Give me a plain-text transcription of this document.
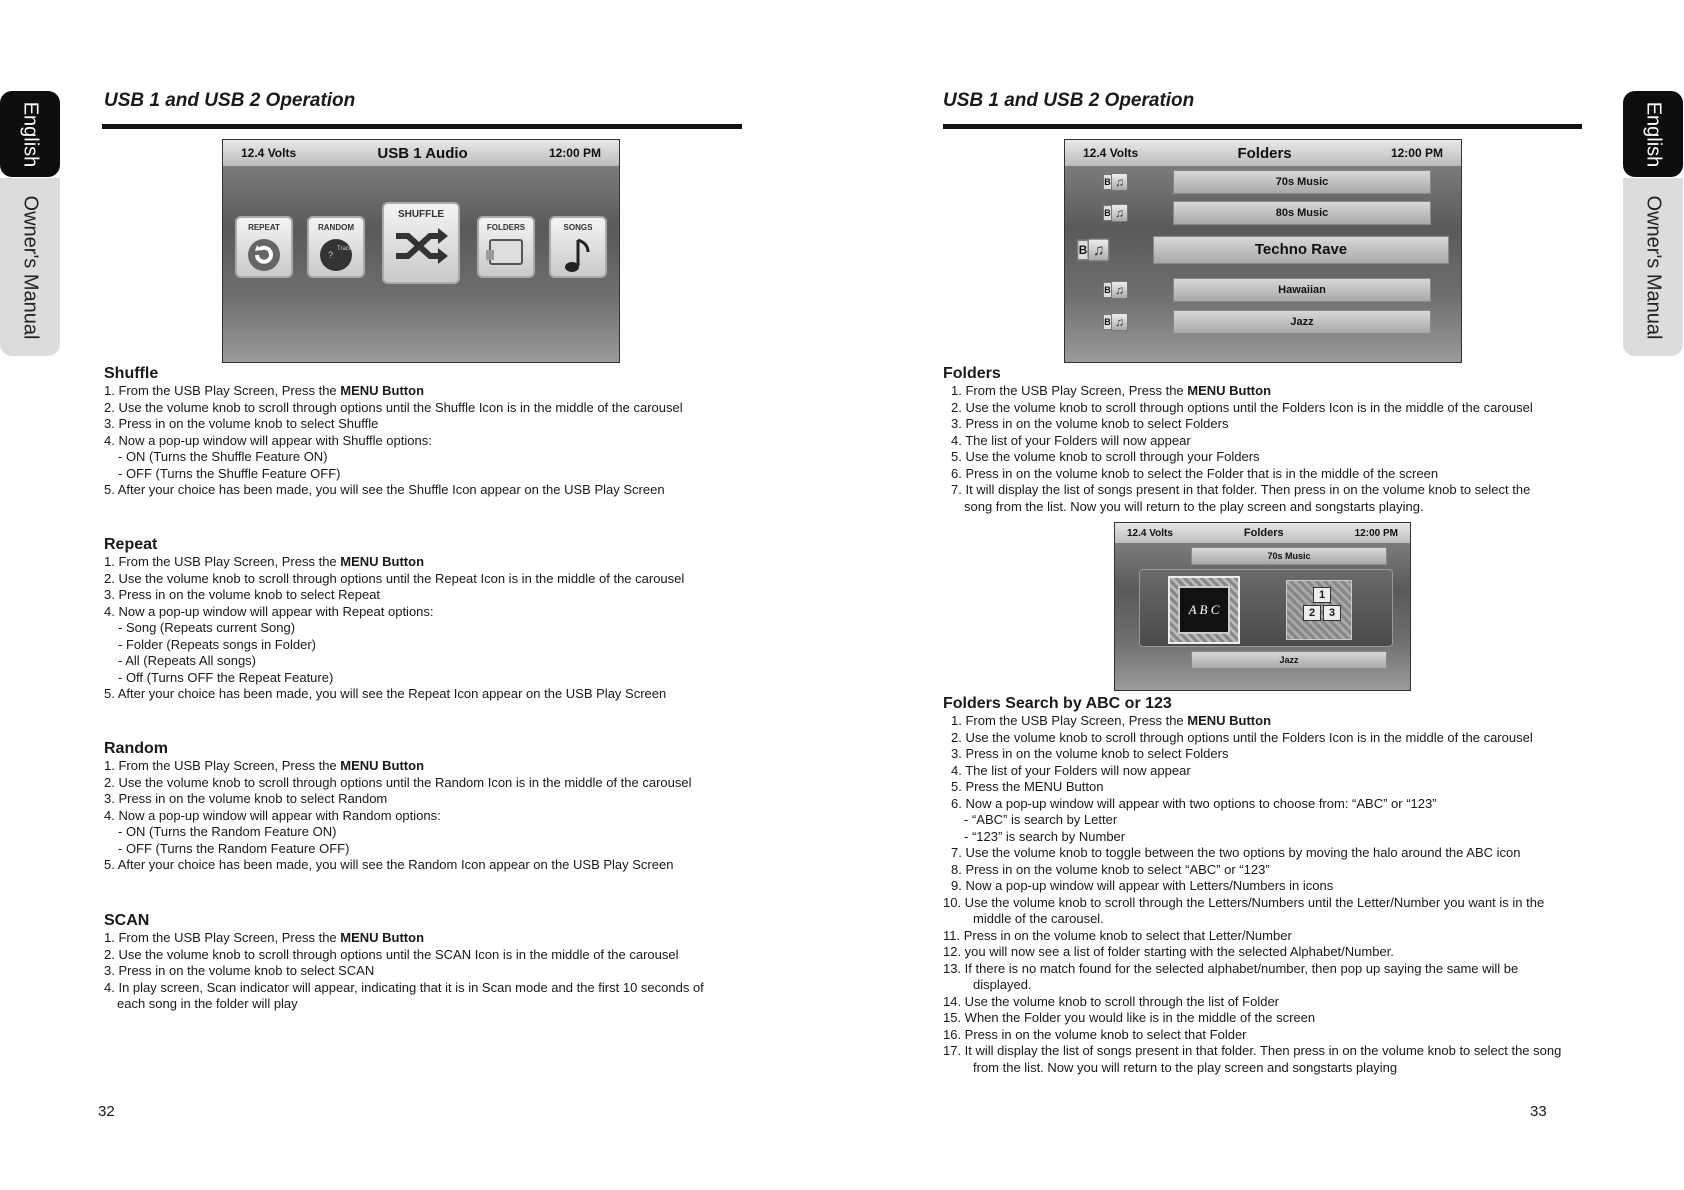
English
Owner's Manual
English
Owner's Manual
USB 1 and USB 2 Operation
12.4 Volts	USB 1 Audio	12:00 PM
REPEAT	RANDOM
?
Track
SHUFFLE
FOLDERS	SONGS
Shuffle
1. From the USB Play Screen, Press the MENU Button
2. Use the volume knob to scroll through options until the Shuffle Icon is in the middle of the carousel
3. Press in on the volume knob to select Shuffle
4. Now a pop-up window will appear with Shuffle options:
- ON (Turns the Shuffle Feature ON)
- OFF (Turns the Shuffle Feature OFF)
5. After your choice has been made, you will see the Shuffle Icon appear on the USB Play Screen
Repeat
1. From the USB Play Screen, Press the MENU Button
2. Use the volume knob to scroll through options until the Repeat Icon is in the middle of the carousel
3. Press in on the volume knob to select Repeat
4. Now a pop-up window will appear with Repeat options:
- Song (Repeats current Song)
- Folder (Repeats songs in Folder)
- All (Repeats All songs)
- Off (Turns OFF the Repeat Feature)
5. After your choice has been made, you will see the Repeat Icon appear on the USB Play Screen
Random
1. From the USB Play Screen, Press the MENU Button
2. Use the volume knob to scroll through options until the Random Icon is in the middle of the carousel
3. Press in on the volume knob to select Random
4. Now a pop-up window will appear with Random options:
- ON (Turns the Random Feature ON)
- OFF (Turns the Random Feature OFF)
5. After your choice has been made, you will see the Random Icon appear on the USB Play Screen
SCAN
1. From the USB Play Screen, Press the MENU Button
2. Use the volume knob to scroll through options until the SCAN Icon is in the middle of the carousel
3. Press in on the volume knob to select SCAN
4. In play screen, Scan indicator will appear, indicating that it is in Scan mode and the first 10 seconds of
each song in the folder will play
32
USB 1 and USB 2 Operation
12.4 Volts	Folders	12:00 PM
B ♫	70s Music
B ♫	80s Music
B ♫	Techno Rave
B ♫	Hawaiian
B ♫	Jazz
Folders
1. From the USB Play Screen, Press the MENU Button
2. Use the volume knob to scroll through options until the Folders Icon is in the middle of the carousel
3. Press in on the volume knob to select Folders
4. The list of your Folders will now appear
5. Use the volume knob to scroll through your Folders
6. Press in on the volume knob to select the Folder that is in the middle of the screen
7. It will display the list of songs present in that folder. Then press in on the volume knob to select the
song from the list. Now you will return to the play screen and songstarts playing.
12.4 Volts	Folders	12:00 PM
70s Music
A B C
1
2	3
Jazz
Folders Search by ABC or 123
1. From the USB Play Screen, Press the MENU Button
2. Use the volume knob to scroll through options until the Folders Icon is in the middle of the carousel
3. Press in on the volume knob to select Folders
4. The list of your Folders will now appear
5. Press the MENU Button
6. Now a pop-up window will appear with two options to choose from: “ABC” or “123”
- “ABC” is search by Letter
- “123” is search by Number
7. Use the volume knob to toggle between the two options by moving the halo around the ABC icon
8. Press in on the volume knob to select “ABC” or “123”
9. Now a pop-up window will appear with Letters/Numbers in icons
10. Use the volume knob to scroll through the Letters/Numbers until the Letter/Number you want is in the
middle of the carousel.
11. Press in on the volume knob to select that Letter/Number
12. you will now see a list of folder starting with the selected Alphabet/Number.
13. If there is no match found for the selected alphabet/number, then pop up saying the same will be
displayed.
14. Use the volume knob to scroll through the list of Folder
15. When the Folder you would like is in the middle of the screen
16. Press in on the volume knob to select that Folder
17. It will display the list of songs present in that folder. Then press in on the volume knob to select the song
from the list. Now you will return to the play screen and songstarts playing
33
